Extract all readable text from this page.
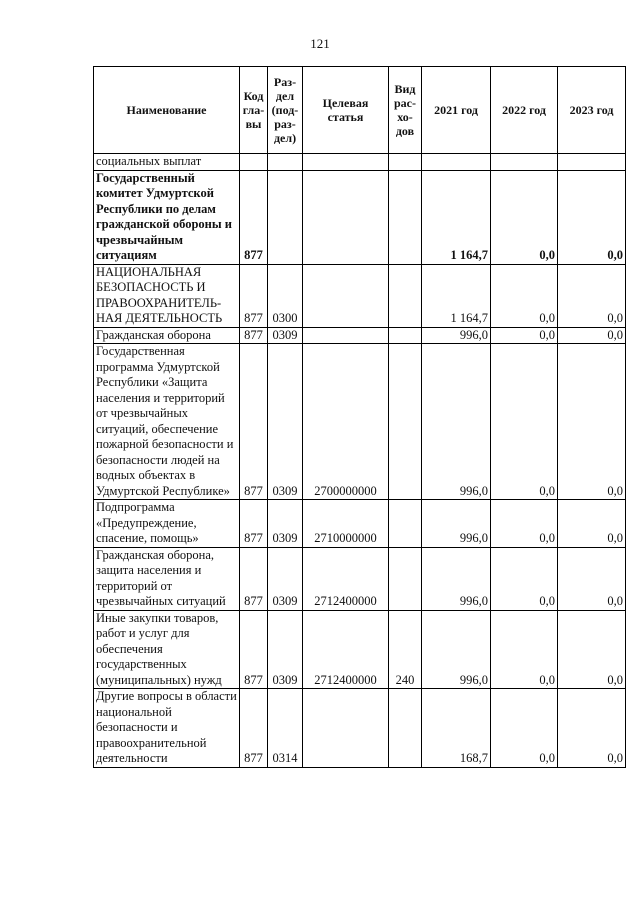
121
Наименование	Код гла-вы	Раз-дел (под-раз-дел)	Целевая статья	Вид рас-хо-дов	2021 год	2022 год	2023 год
социальных выплат							
Государственный комитет Удмуртской Республики по делам гражданской обороны и чрезвычайным ситуациям	877				1 164,7	0,0	0,0
НАЦИОНАЛЬНАЯ БЕЗОПАСНОСТЬ И ПРАВООХРАНИТЕЛЬ-НАЯ ДЕЯТЕЛЬНОСТЬ	877	0300			1 164,7	0,0	0,0
Гражданская оборона	877	0309			996,0	0,0	0,0
Государственная программа Удмуртской Республики «Защита населения и территорий от чрезвычайных ситуаций, обеспечение пожарной безопасности и безопасности людей на водных объектах в Удмуртской Республике»	877	0309	2700000000		996,0	0,0	0,0
Подпрограмма «Предупреждение, спасение, помощь»	877	0309	2710000000		996,0	0,0	0,0
Гражданская оборона, защита населения и территорий от чрезвычайных ситуаций	877	0309	2712400000		996,0	0,0	0,0
Иные закупки товаров, работ и услуг для обеспечения государственных (муниципальных) нужд	877	0309	2712400000	240	996,0	0,0	0,0
Другие вопросы в области национальной безопасности и правоохранительной деятельности	877	0314			168,7	0,0	0,0
